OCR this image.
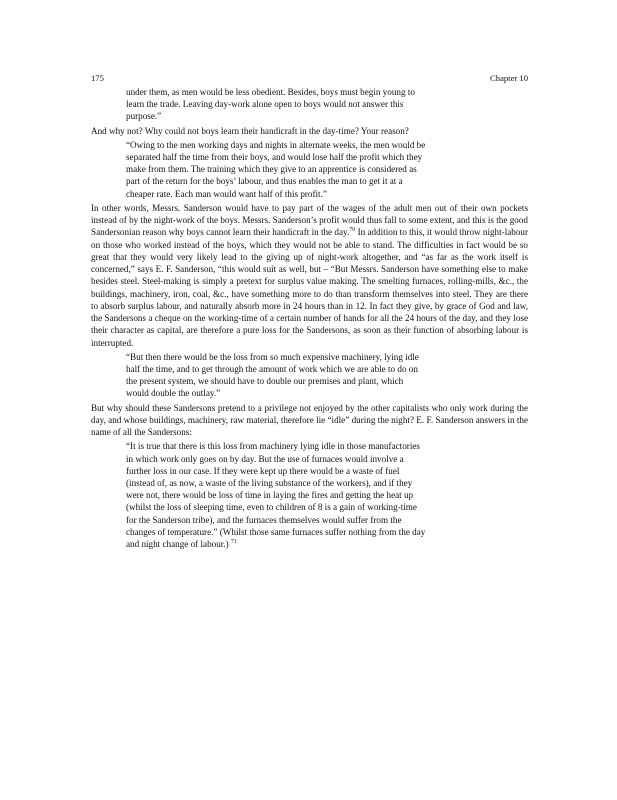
175	Chapter 10
under them, as men would be less obedient. Besides, boys must begin young to
learn the trade. Leaving day-work alone open to boys would not answer this
purpose.”

And why not? Why could not boys learn their handicraft in the day-time? Your reason?

“Owing to the men working days and nights in alternate weeks, the men would be
separated half the time from their boys, and would lose half the profit which they
make from them. The training which they give to an apprentice is considered as
part of the return for the boys’ labour, and thus enables the man to get it at a
cheaper rate. Each man would want half of this profit.”

In other words, Messrs. Sanderson would have to pay part of the wages of the adult men out of their own pockets instead of by the night-work of the boys. Messrs. Sanderson’s profit would thus fall to some extent, and this is the good Sandersonian reason why boys cannot learn their handicraft in the day.$^{70}$ In addition to this, it would throw night-labour on those who worked instead of the boys, which they would not be able to stand. The difficulties in fact would be so great that they would very likely lead to the giving up of night-work altogether, and “as far as the work itself is concerned,” says E. F. Sanderson, “this would suit as well, but – “But Messrs. Sanderson have something else to make besides steel. Steel-making is simply a pretext for surplus value making. The smelting furnaces, rolling-mills, &c., the buildings, machinery, iron, coal, &c., have something more to do than transform themselves into steel. They are there to absorb surplus labour, and naturally absorb more in 24 hours than in 12. In fact they give, by grace of God and law, the Sandersons a cheque on the working-time of a certain number of hands for all the 24 hours of the day, and they lose their character as capital, are therefore a pure loss for the Sandersons, as soon as their function of absorbing labour is interrupted.

“But then there would be the loss from so much expensive machinery, lying idle
half the time, and to get through the amount of work which we are able to do on
the present system, we should have to double our premises and plant, which
would double the outlay.”

But why should these Sandersons pretend to a privilege not enjoyed by the other capitalists who only work during the day, and whose buildings, machinery, raw material, therefore lie “idle” during the night? E. F. Sanderson answers in the name of all the Sandersons:

“It is true that there is this loss from machinery lying idle in those manufactories
in which work only goes on by day. But the use of furnaces would involve a
further loss in our case. If they were kept up there would be a waste of fuel
(instead of, as now, a waste of the living substance of the workers), and if they
were not, there would be loss of time in laying the fires and getting the heat up
(whilst the loss of sleeping time, even to children of 8 is a gain of working-time
for the Sanderson tribe), and the furnaces themselves would suffer from the
changes of temperature.” (Whilst those same furnaces suffer nothing from the day
and night change of labour.) $^{71}$
